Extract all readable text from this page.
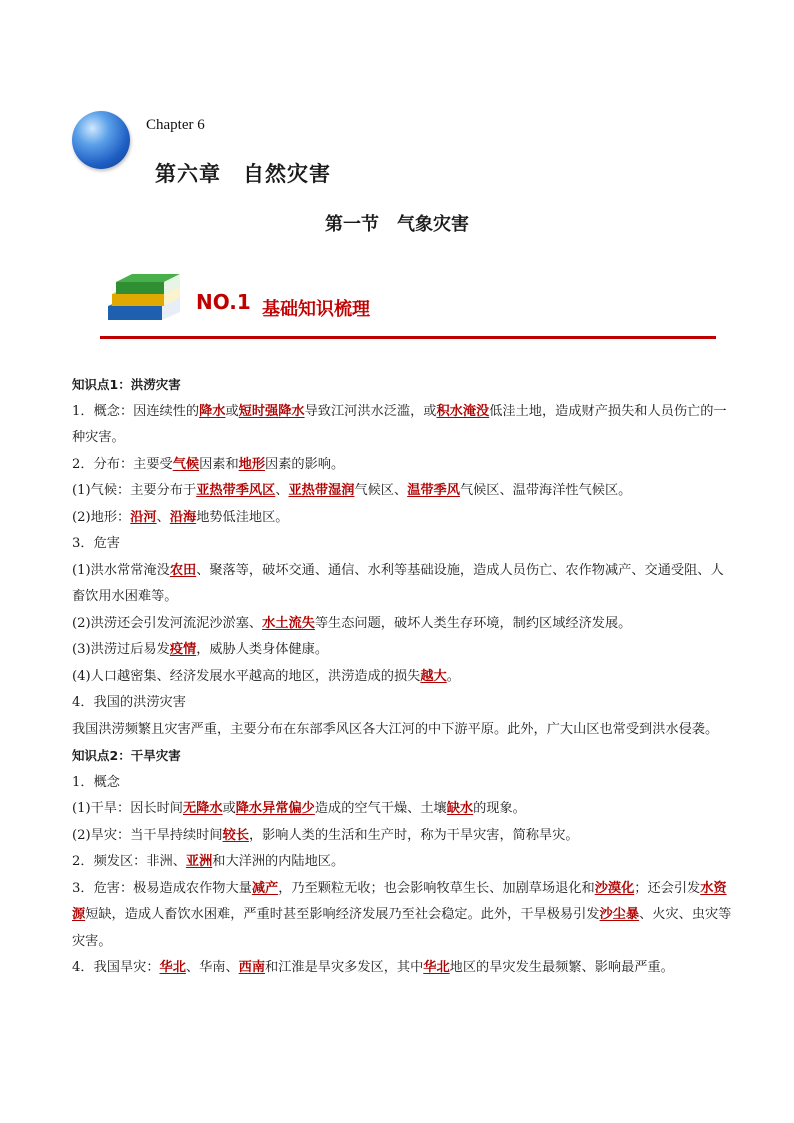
Chapter 6
第六章　自然灾害
第一节　气象灾害
NO.1 基础知识梳理

知识点1：洪涝灾害

1．概念：因连续性的降水或短时强降水导致江河洪水泛滥，或积水淹没低洼土地，造成财产损失和人员伤亡的一种灾害。

2．分布：主要受气候因素和地形因素的影响。

(1)气候：主要分布于亚热带季风区、亚热带湿润气候区、温带季风气候区、温带海洋性气候区。

(2)地形：沿河、沿海地势低洼地区。

3．危害

(1)洪水常常淹没农田、聚落等，破坏交通、通信、水利等基础设施，造成人员伤亡、农作物减产、交通受阻、人畜饮用水困难等。

(2)洪涝还会引发河流泥沙淤塞、水土流失等生态问题，破坏人类生存环境，制约区域经济发展。

(3)洪涝过后易发疫情，威胁人类身体健康。

(4)人口越密集、经济发展水平越高的地区，洪涝造成的损失越大。

4．我国的洪涝灾害

我国洪涝频繁且灾害严重，主要分布在东部季风区各大江河的中下游平原。此外，广大山区也常受到洪水侵袭。

知识点2：干旱灾害

1．概念

(1)干旱：因长时间无降水或降水异常偏少造成的空气干燥、土壤缺水的现象。

(2)旱灾：当干旱持续时间较长，影响人类的生活和生产时，称为干旱灾害，简称旱灾。

2．频发区：非洲、亚洲和大洋洲的内陆地区。

3．危害：极易造成农作物大量减产，乃至颗粒无收；也会影响牧草生长、加剧草场退化和沙漠化；还会引发水资源短缺，造成人畜饮水困难，严重时甚至影响经济发展乃至社会稳定。此外，干旱极易引发沙尘暴、火灾、虫灾等灾害。

4．我国旱灾：华北、华南、西南和江淮是旱灾多发区，其中华北地区的旱灾发生最频繁、影响最严重。
